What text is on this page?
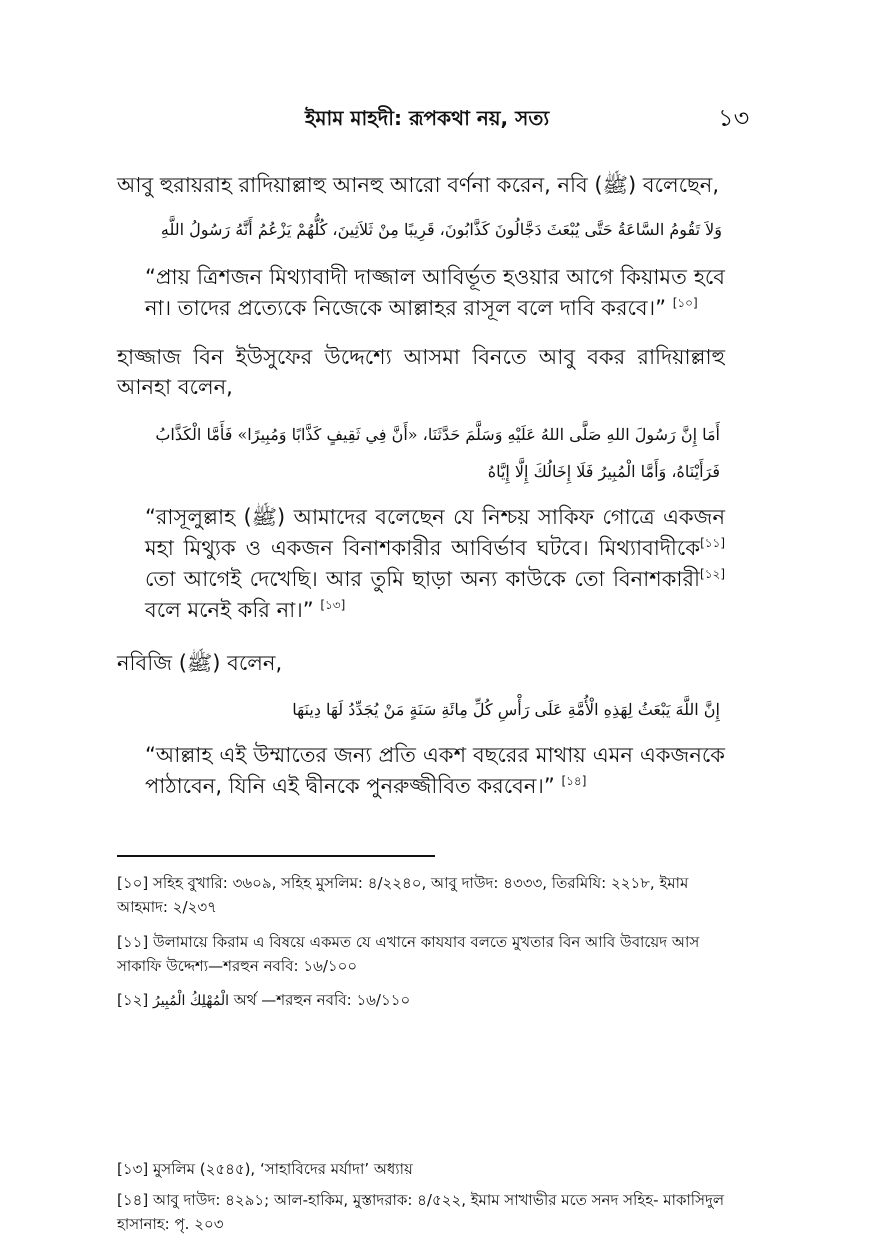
ইমাম মাহদী: রূপকথা নয়, সত্য	১৩
আবু হুরায়রাহ রাদিয়াল্লাহু আনহু আরো বর্ণনা করেন, নবি (ﷺ) বলেছেন,
وَلاَ تَقُومُ السَّاعَةُ حَتَّى يُبْعَثَ دَجَّالُونَ كَذَّابُونَ، قَرِيبًا مِنْ ثَلاَثِينَ، كُلُّهُمْ يَزْعُمُ أَنَّهُ رَسُولُ اللَّهِ
“প্রায় ত্রিশজন মিথ্যাবাদী দাজ্জাল আবির্ভূত হওয়ার আগে কিয়ামত হবে না। তাদের প্রত্যেকে নিজেকে আল্লাহর রাসূল বলে দাবি করবে।” [১০]
হাজ্জাজ বিন ইউসুফের উদ্দেশ্যে আসমা বিনতে আবু বকর রাদিয়াল্লাহু আনহা বলেন,
أَمَا إِنَّ رَسُولَ اللهِ صَلَّى اللهُ عَلَيْهِ وَسَلَّمَ حَدَّثَنَا، «أَنَّ فِي ثَقِيفٍ كَذَّابًا وَمُبِيرًا» فَأَمَّا الْكَذَّابُ
فَرَأَيْنَاهُ، وَأَمَّا الْمُبِيرُ فَلَا إِخَالُكَ إِلَّا إِيَّاهُ
“রাসূলুল্লাহ (ﷺ) আমাদের বলেছেন যে নিশ্চয় সাকিফ গোত্রে একজন মহা মিথ্যুক ও একজন বিনাশকারীর আবির্ভাব ঘটবে। মিথ্যাবাদীকে[১১] তো আগেই দেখেছি। আর তুমি ছাড়া অন্য কাউকে তো বিনাশকারী[১২] বলে মনেই করি না।” [১৩]
নবিজি (ﷺ) বলেন,
إِنَّ اللَّهَ يَبْعَثُ لِهَذِهِ الْأُمَّةِ عَلَى رَأْسِ كُلِّ مِائَةِ سَنَةٍ مَنْ يُجَدِّدُ لَهَا دِينَهَا
“আল্লাহ এই উম্মাতের জন্য প্রতি একশ বছরের মাথায় এমন একজনকে পাঠাবেন, যিনি এই দ্বীনকে পুনরুজ্জীবিত করবেন।” [১৪]
[১০] সহিহ বুখারি: ৩৬০৯, সহিহ মুসলিম: ৪/২২৪০, আবু দাউদ: ৪৩৩৩, তিরমিযি: ২২১৮, ইমাম আহমাদ: ২/২৩৭
[১১] উলামায়ে কিরাম এ বিষয়ে একমত যে এখানে কাযযাব বলতে মুখতার বিন আবি উবায়েদ আস সাকাফি উদ্দেশ্য—শরহুন নববি: ১৬/১০০
[১২] الْمُهْلِكُ الْمُبِيرُ অর্থ —শরহুন নববি: ১৬/১১০
[১৩] মুসলিম (২৫৪৫), ‘সাহাবিদের মর্যাদা’ অধ্যায়
[১৪] আবু দাউদ: ৪২৯১; আল-হাকিম, মুস্তাদরাক: ৪/৫২২, ইমাম সাখাভীর মতে সনদ সহিহ- মাকাসিদুল হাসানাহ: পৃ. ২০৩
